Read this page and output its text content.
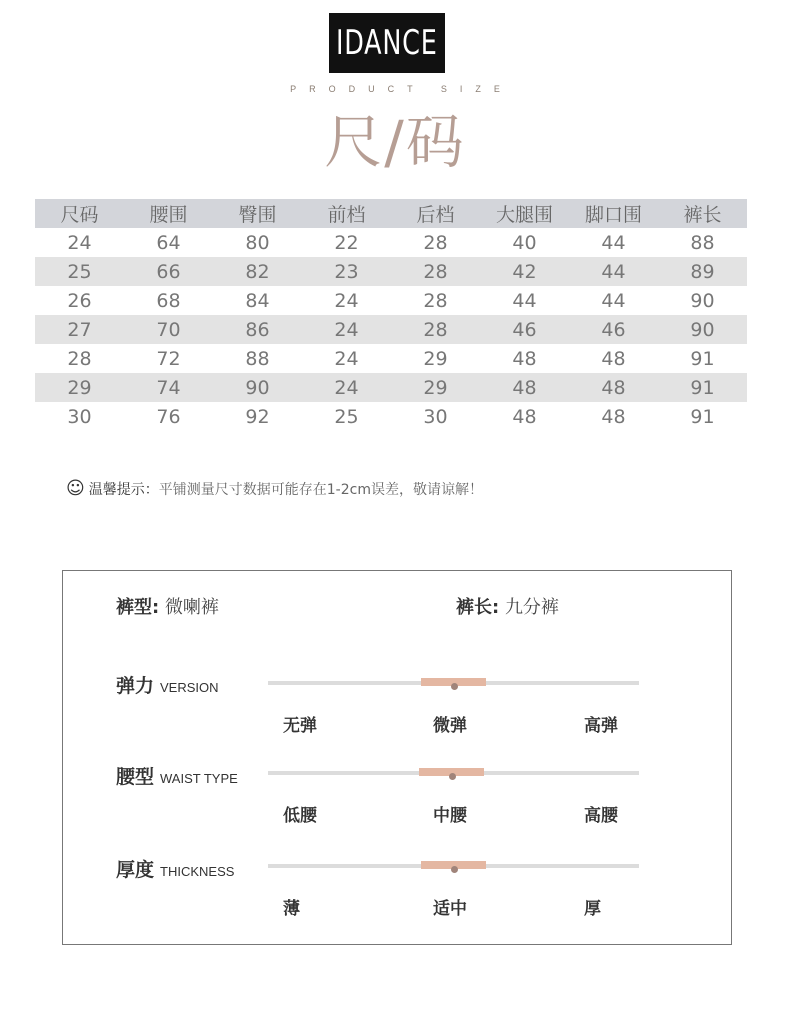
IDANCE
PRODUCT SIZE
尺/码
尺码	腰围	臀围	前档	后档	大腿围	脚口围	裤长
24	64	80	22	28	40	44	88
25	66	82	23	28	42	44	89
26	68	84	24	28	44	44	90
27	70	86	24	28	46	46	90
28	72	88	24	29	48	48	91
29	74	90	24	29	48	48	91
30	76	92	25	30	48	48	91
☺ 温馨提示： 平铺测量尺寸数据可能存在1-2cm误差，敬请谅解！
裤型: 微喇裤	裤长: 九分裤
弹力 VERSION
无弹	微弹	高弹
腰型 WAIST TYPE
低腰	中腰	高腰
厚度 THICKNESS
薄	适中	厚
